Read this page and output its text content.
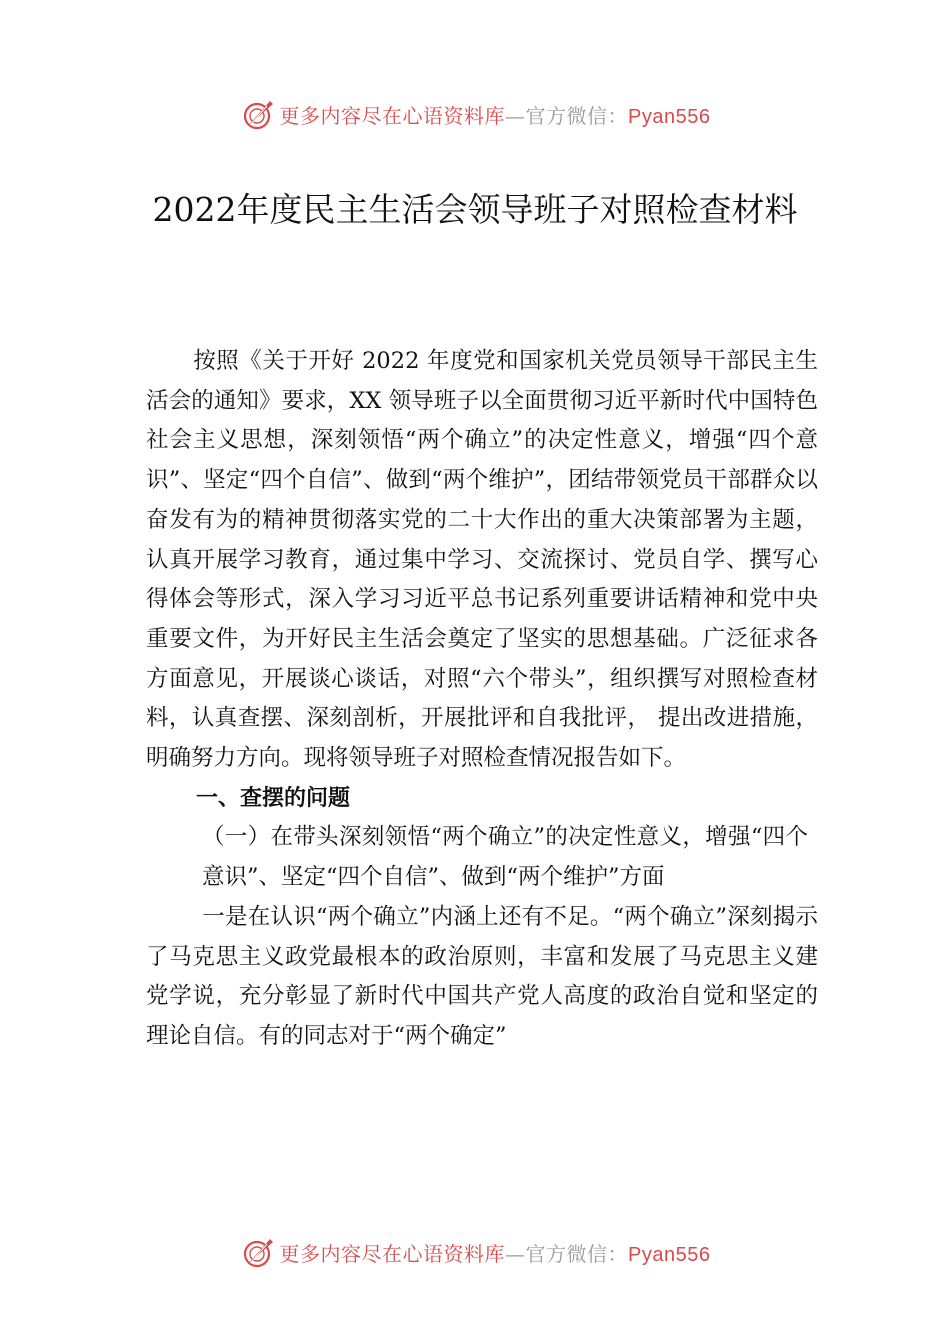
更多内容尽在心语资料库—官方微信：Pyan556
2022年度民主生活会领导班子对照检查材料

按照《关于开好 2022 年度党和国家机关党员领导干部民主生活会的通知》要求，XX 领导班子以全面贯彻习近平新时代中国特色社会主义思想，深刻领悟“两个确立”的决定性意义，增强“四个意识”、坚定“四个自信”、做到“两个维护”，团结带领党员干部群众以奋发有为的精神贯彻落实党的二十大作出的重大决策部署为主题，认真开展学习教育，通过集中学习、交流探讨、党员自学、撰写心得体会等形式，深入学习习近平总书记系列重要讲话精神和党中央重要文件，为开好民主生活会奠定了坚实的思想基础。广泛征求各方面意见，开展谈心谈话，对照“六个带头”，组织撰写对照检查材料，认真查摆、深刻剖析，开展批评和自我批评， 提出改进措施，明确努力方向。现将领导班子对照检查情况报告如下。

一、查摆的问题

（一）在带头深刻领悟“两个确立”的决定性意义，增强“四个意识”、坚定“四个自信”、做到“两个维护”方面

一是在认识“两个确立”内涵上还有不足。“两个确立”深刻揭示了马克思主义政党最根本的政治原则，丰富和发展了马克思主义建党学说，充分彰显了新时代中国共产党人高度的政治自觉和坚定的理论自信。有的同志对于“两个确定”

更多内容尽在心语资料库—官方微信：Pyan556
